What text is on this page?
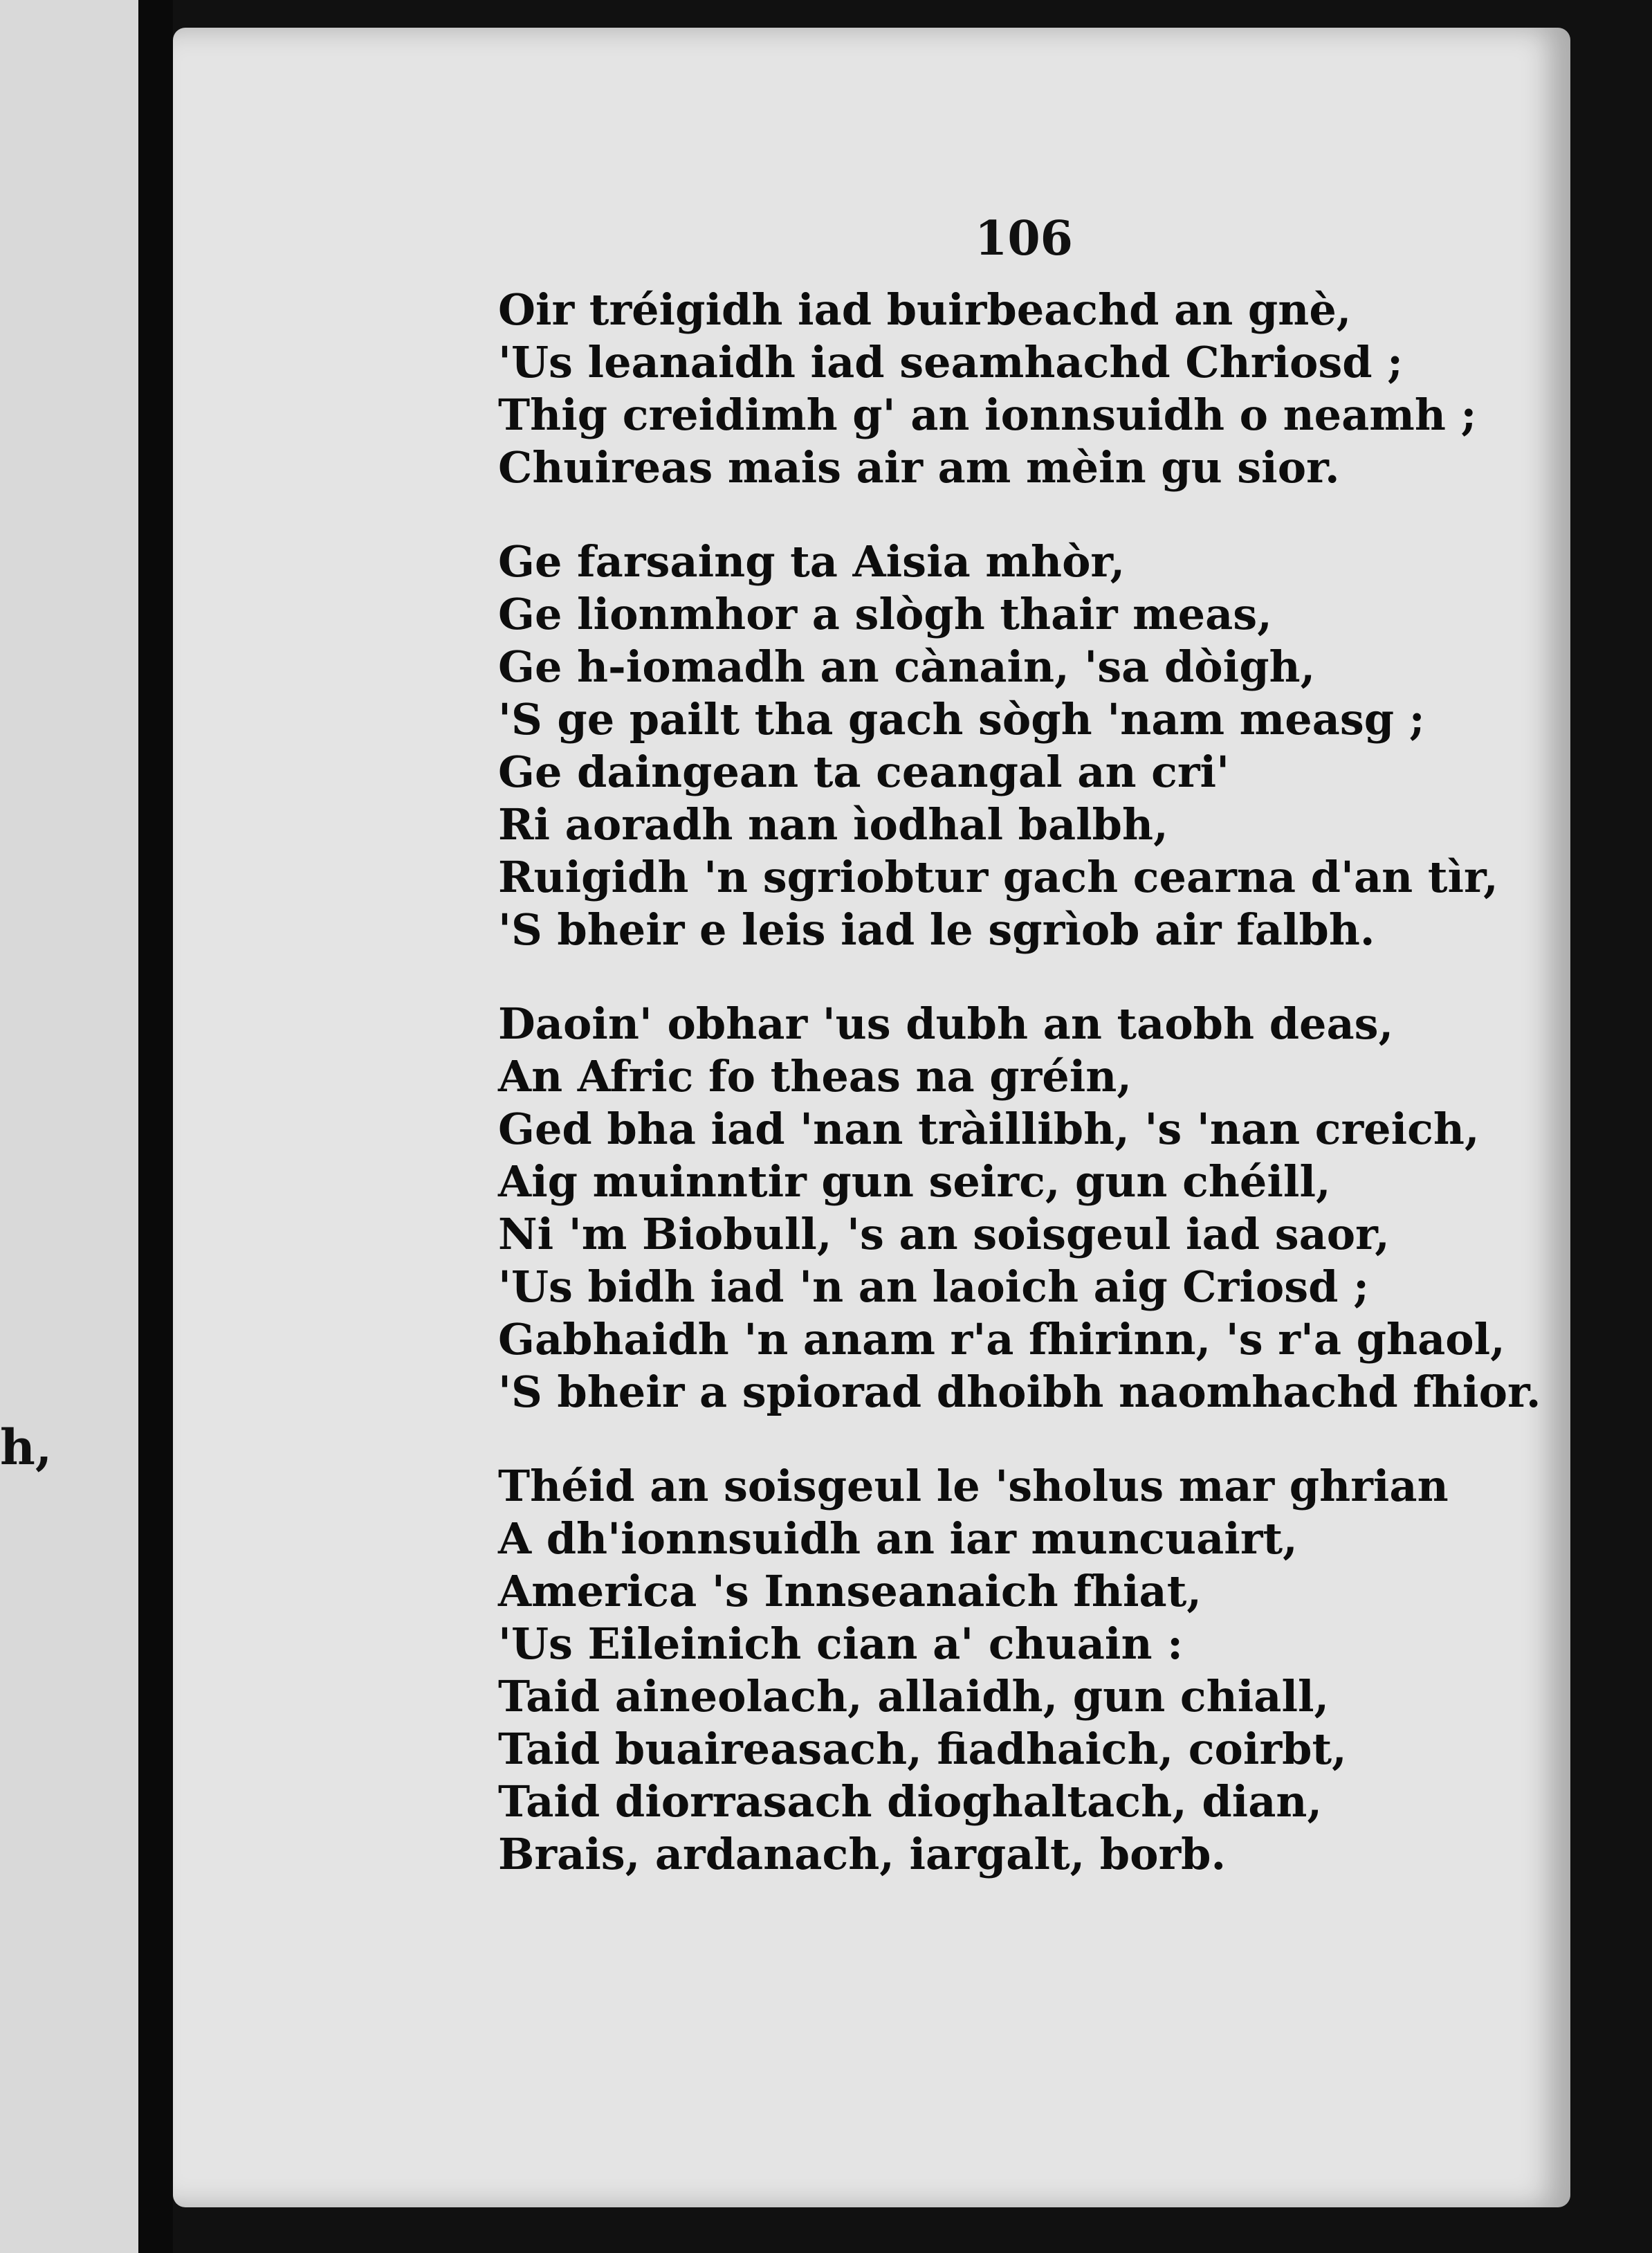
h,
106
Oir tréigidh iad buirbeachd an gnè,
'Us leanaidh iad seamhachd Chriosd ;
Thig creidimh g' an ionnsuidh o neamh ;
Chuireas mais air am mèin gu sior.
Ge farsaing ta Aisia mhòr,
Ge lionmhor a slògh thair meas,
Ge h-iomadh an cànain, 'sa dòigh,
'S ge pailt tha gach sògh 'nam measg ;
Ge daingean ta ceangal an cri'
Ri aoradh nan ìodhal balbh,
Ruigidh 'n sgriobtur gach cearna d'an tìr,
'S bheir e leis iad le sgrìob air falbh.
Daoin' obhar 'us dubh an taobh deas,
An Afric fo theas na gréin,
Ged bha iad 'nan tràillibh, 's 'nan creich,
Aig muinntir gun seirc, gun chéill,
Ni 'm Biobull, 's an soisgeul iad saor,
'Us bidh iad 'n an laoich aig Criosd ;
Gabhaidh 'n anam r'a fhirinn, 's r'a ghaol,
'S bheir a spiorad dhoibh naomhachd fhior.
Théid an soisgeul le 'sholus mar ghrian
A dh'ionnsuidh an iar muncuairt,
America 's Innseanaich fhiat,
'Us Eileinich cian a' chuain :
Taid aineolach, allaidh, gun chiall,
Taid buaireasach, fiadhaich, coirbt,
Taid diorrasach dioghaltach, dian,
Brais, ardanach, iargalt, borb.
